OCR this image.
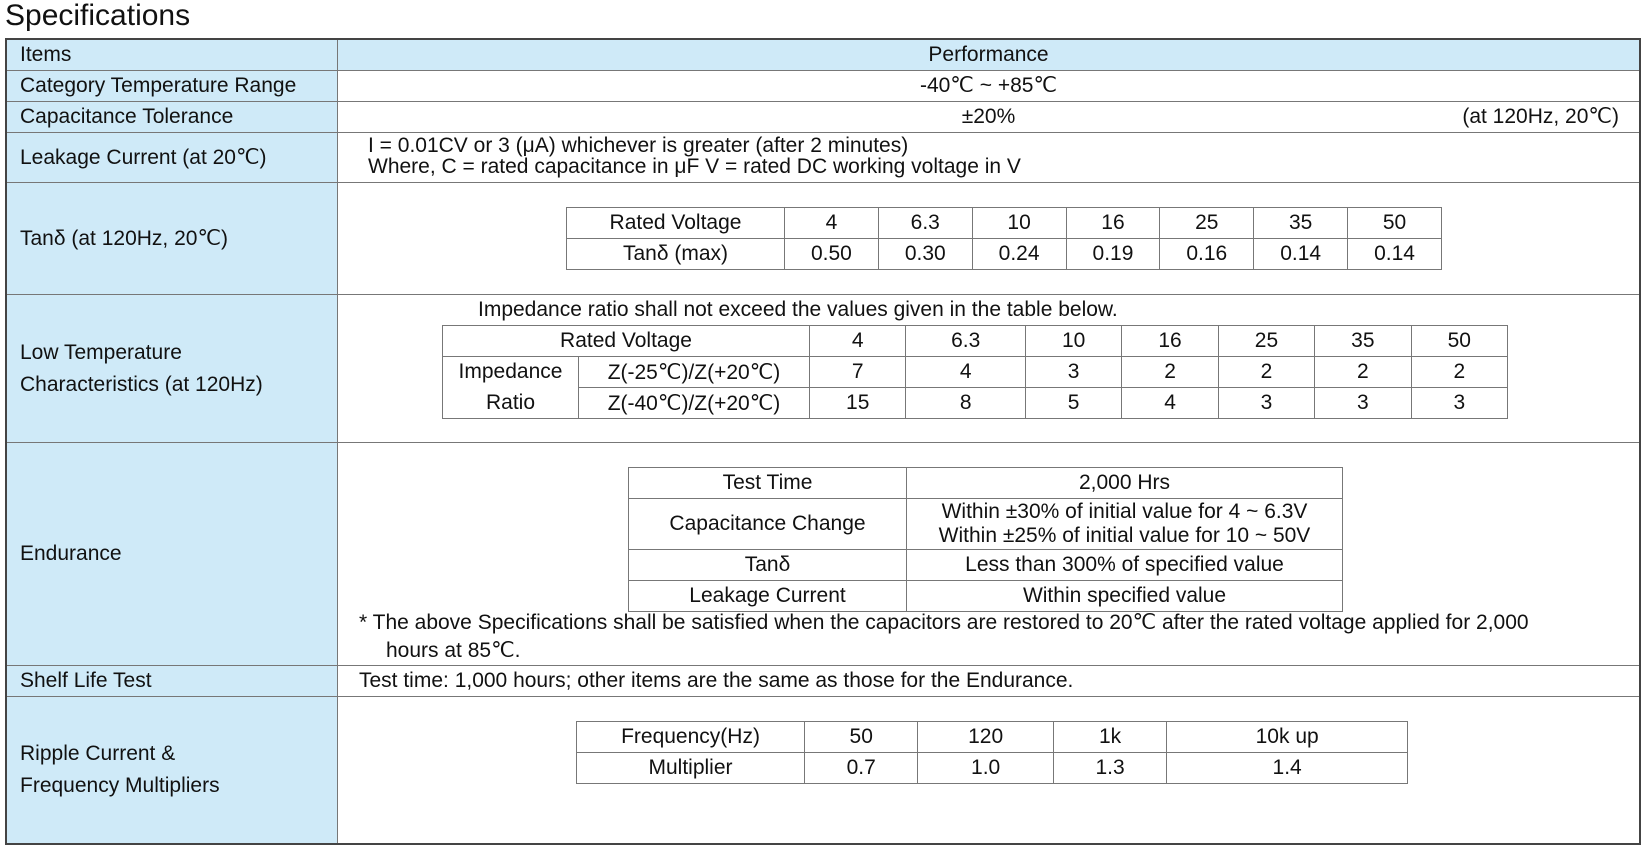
Specifications
Items	Performance
Category Temperature Range	-40℃ ~ +85℃
Capacitance Tolerance	±20%	(at 120Hz, 20℃)
Leakage Current (at 20℃)	I = 0.01CV or 3 (μA) whichever is greater (after 2 minutes)
Where, C = rated capacitance in μF V = rated DC working voltage in V
Tanδ (at 120Hz, 20℃)
Rated Voltage	4	6.3	10	16	25	35	50
Tanδ (max)	0.50	0.30	0.24	0.19	0.16	0.14	0.14
Low Temperature
Characteristics (at 120Hz)
Impedance ratio shall not exceed the values given in the table below.
Rated Voltage		4	6.3	10	16	25	35	50
Impedance	Z(-25℃)/Z(+20℃)	7	4	3	2	2	2	2
Ratio	Z(-40℃)/Z(+20℃)	15	8	5	4	3	3	3
Endurance
Test Time	2,000 Hrs
Capacitance Change	Within ±30% of initial value for 4 ~ 6.3V
Within ±25% of initial value for 10 ~ 50V

Tanδ	Less than 300% of specified value
Leakage Current	Within specified value
* The above Specifications shall be satisfied when the capacitors are restored to 20℃ after the rated voltage applied for 2,000
hours at 85℃.
Shelf Life Test	Test time: 1,000 hours; other items are the same as those for the Endurance.
Ripple Current &
Frequency Multipliers
Frequency(Hz)	50	120	1k	10k up
Multiplier	0.7	1.0	1.3	1.4
